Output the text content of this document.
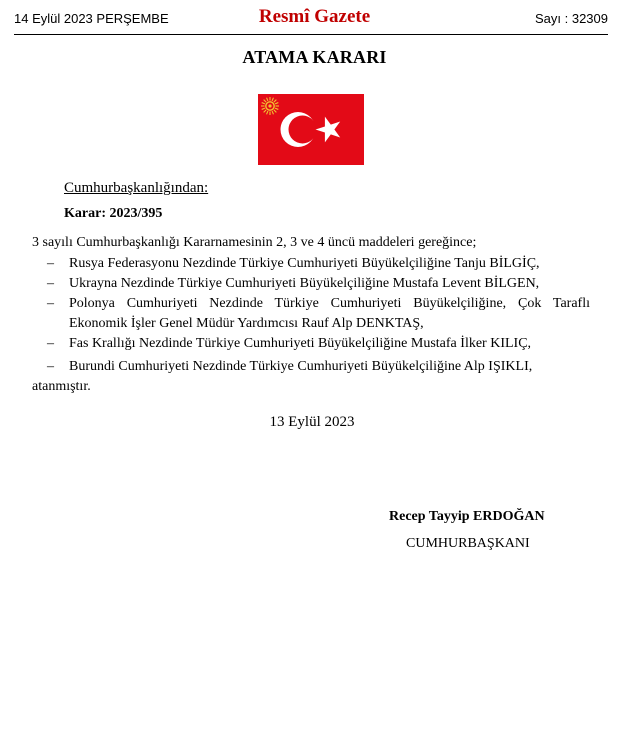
14 Eylül 2023 PERŞEMBE	Resmî Gazete	Sayı : 32309
ATAMA KARARI
Cumhurbaşkanlığından:
Karar: 2023/395
3 sayılı Cumhurbaşkanlığı Kararnamesinin 2, 3 ve 4 üncü maddeleri gereğince;
– Rusya Federasyonu Nezdinde Türkiye Cumhuriyeti Büyükelçiliğine Tanju BİLGİÇ,
– Ukrayna Nezdinde Türkiye Cumhuriyeti Büyükelçiliğine Mustafa Levent BİLGEN,
– Polonya Cumhuriyeti Nezdinde Türkiye Cumhuriyeti Büyükelçiliğine, Çok Taraflı
Ekonomik İşler Genel Müdür Yardımcısı Rauf Alp DENKTAŞ,
– Fas Krallığı Nezdinde Türkiye Cumhuriyeti Büyükelçiliğine Mustafa İlker KILIÇ,
– Burundi Cumhuriyeti Nezdinde Türkiye Cumhuriyeti Büyükelçiliğine Alp IŞIKLI,
atanmıştır.
13 Eylül 2023
Recep Tayyip ERDOĞAN
CUMHURBAŞKANI
